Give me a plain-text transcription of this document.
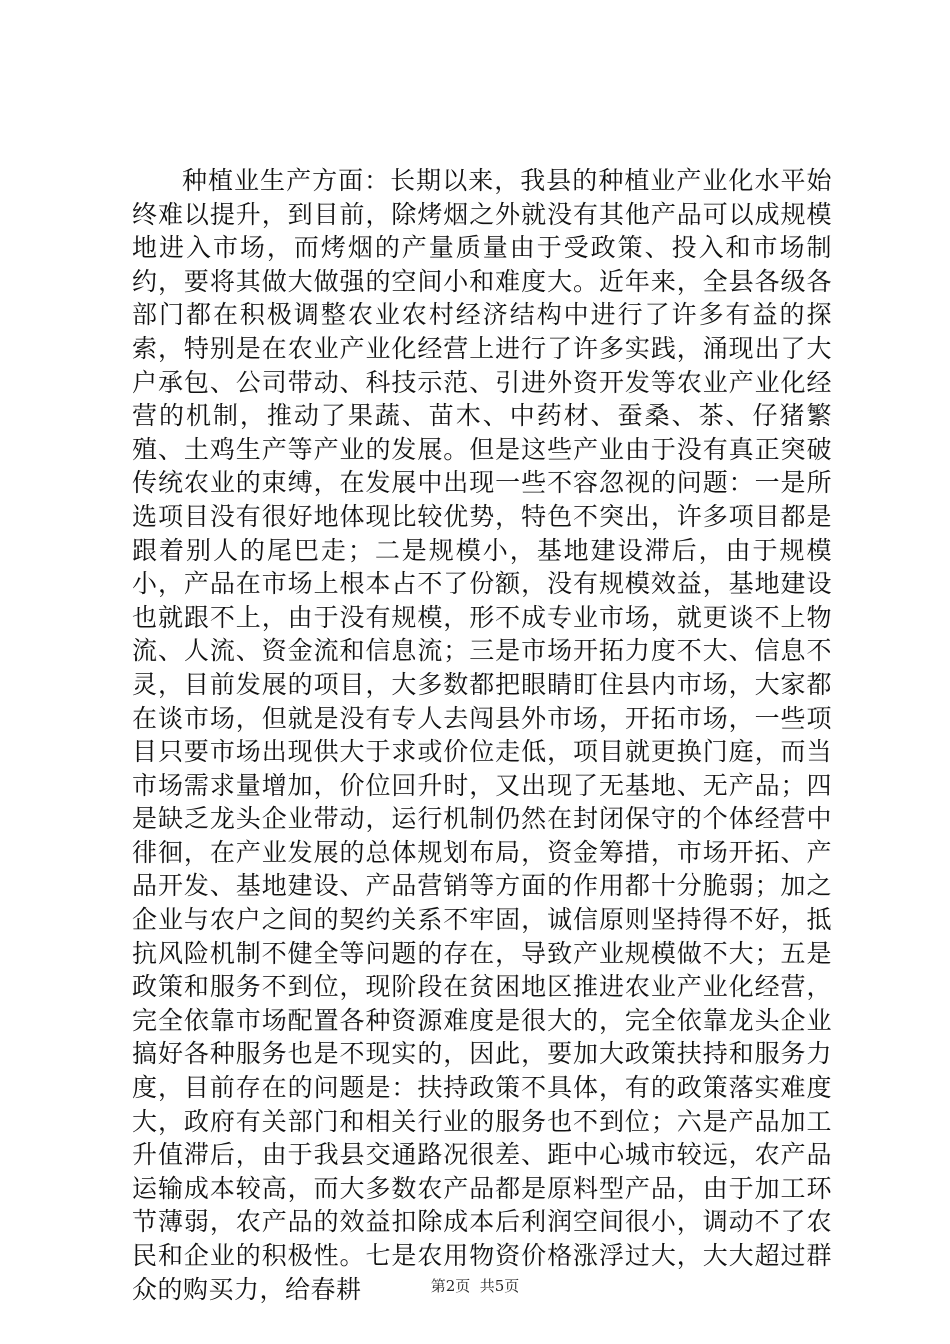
种植业生产方面：长期以来，我县的种植业产业化水平始终难以提升，到目前，除烤烟之外就没有其他产品可以成规模地进入市场，而烤烟的产量质量由于受政策、投入和市场制约，要将其做大做强的空间小和难度大。近年来，全县各级各部门都在积极调整农业农村经济结构中进行了许多有益的探索，特别是在农业产业化经营上进行了许多实践，涌现出了大户承包、公司带动、科技示范、引进外资开发等农业产业化经营的机制，推动了果蔬、苗木、中药材、蚕桑、茶、仔猪繁殖、土鸡生产等产业的发展。但是这些产业由于没有真正突破传统农业的束缚，在发展中出现一些不容忽视的问题：一是所选项目没有很好地体现比较优势，特色不突出，许多项目都是跟着别人的尾巴走；二是规模小，基地建设滞后，由于规模小，产品在市场上根本占不了份额，没有规模效益，基地建设也就跟不上，由于没有规模，形不成专业市场，就更谈不上物流、人流、资金流和信息流；三是市场开拓力度不大、信息不灵，目前发展的项目，大多数都把眼睛盯住县内市场，大家都在谈市场，但就是没有专人去闯县外市场，开拓市场，一些项目只要市场出现供大于求或价位走低，项目就更换门庭，而当市场需求量增加，价位回升时，又出现了无基地、无产品；四是缺乏龙头企业带动，运行机制仍然在封闭保守的个体经营中徘徊，在产业发展的总体规划布局，资金筹措，市场开拓、产品开发、基地建设、产品营销等方面的作用都十分脆弱；加之企业与农户之间的契约关系不牢固，诚信原则坚持得不好，抵抗风险机制不健全等问题的存在，导致产业规模做不大；五是政策和服务不到位，现阶段在贫困地区推进农业产业化经营，完全依靠市场配置各种资源难度是很大的，完全依靠龙头企业搞好各种服务也是不现实的，因此，要加大政策扶持和服务力度，目前存在的问题是：扶持政策不具体，有的政策落实难度大，政府有关部门和相关行业的服务也不到位；六是产品加工升值滞后，由于我县交通路况很差、距中心城市较远，农产品运输成本较高，而大多数农产品都是原料型产品，由于加工环节薄弱，农产品的效益扣除成本后利润空间很小，调动不了农民和企业的积极性。七是农用物资价格涨浮过大，大大超过群众的购买力，给春耕	第2页  共5页
